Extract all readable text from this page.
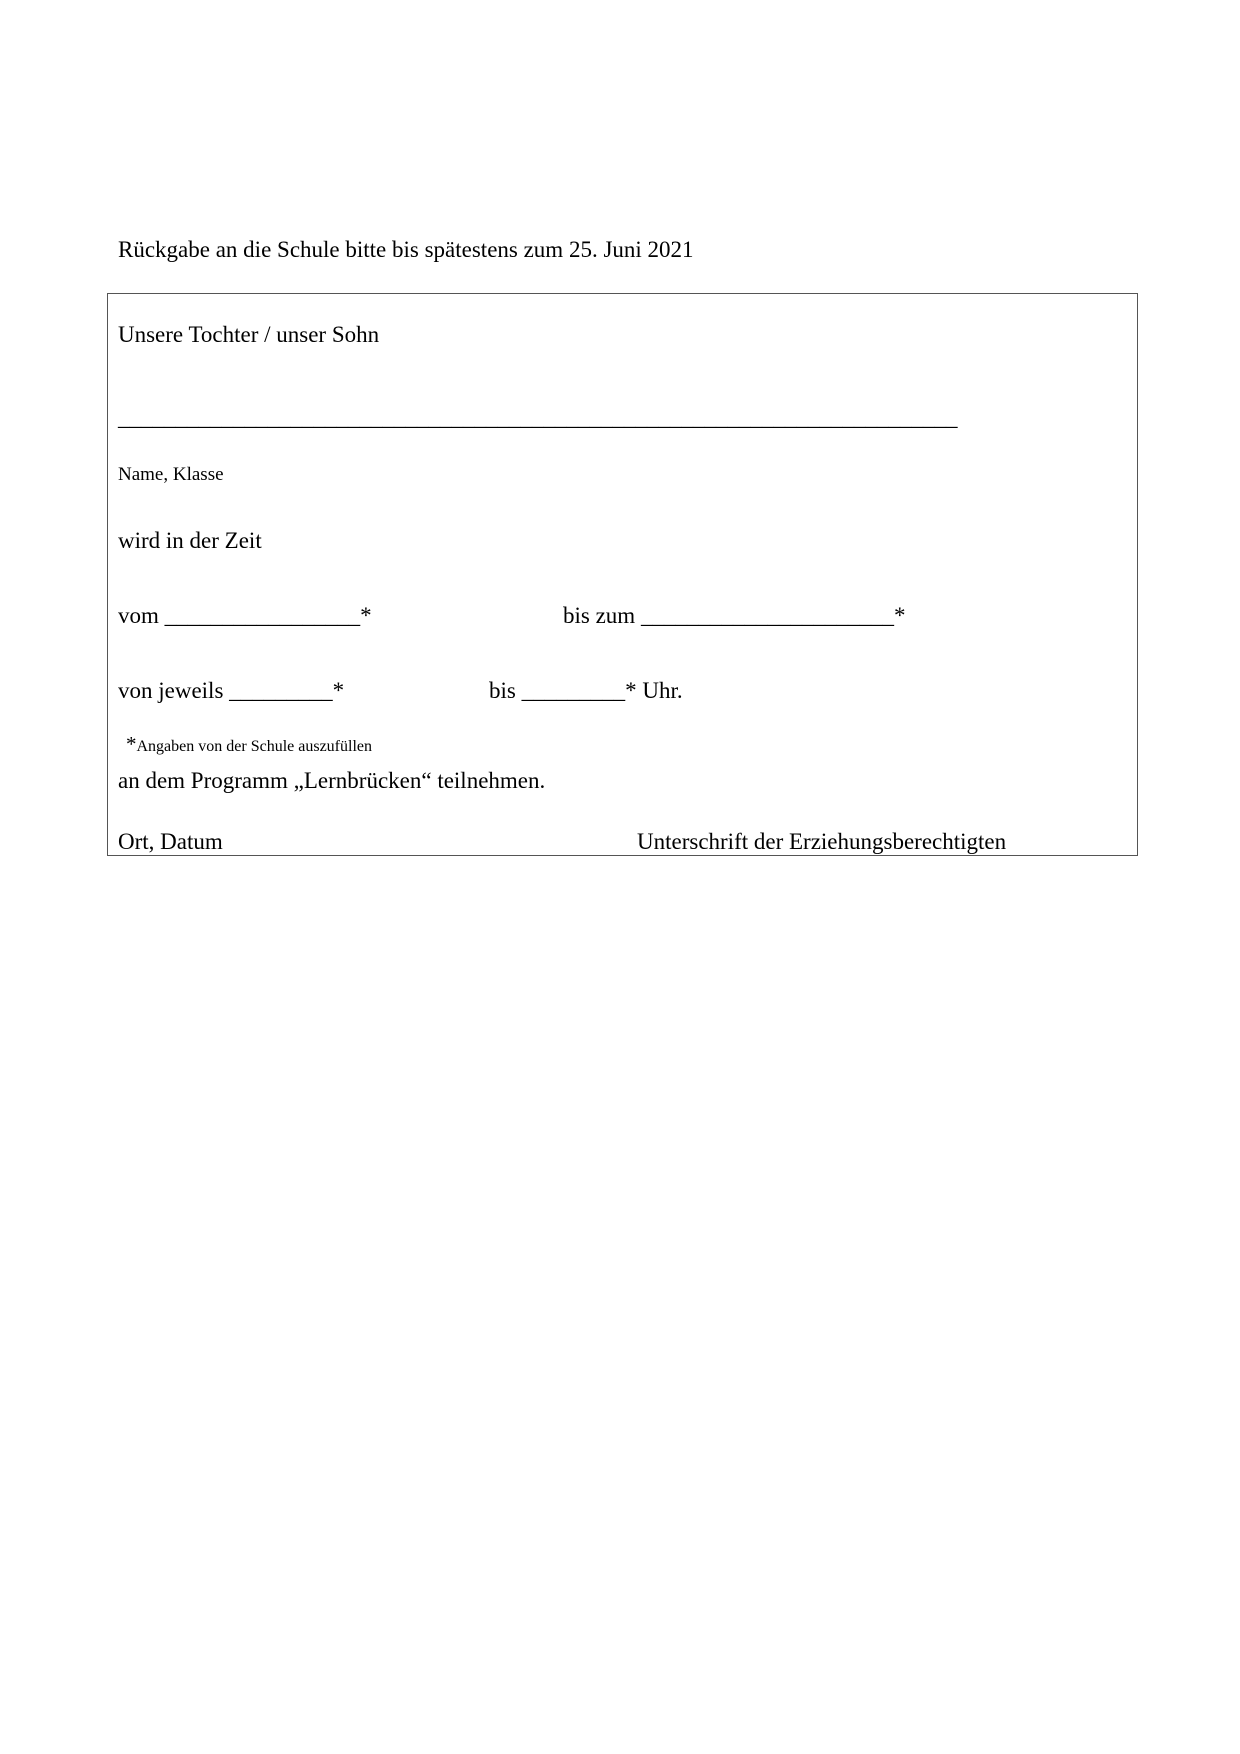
Rückgabe an die Schule bitte bis spätestens zum 25. Juni 2021
Unsere Tochter / unser Sohn
_________________________________________________________________________
Name, Klasse
wird in der Zeit
vom _________________*	bis zum ______________________*
von jeweils _________*	bis _________* Uhr.

*Angaben von der Schule auszufüllen

an dem Programm „Lernbrücken“ teilnehmen.
Ort, Datum	Unterschrift der Erziehungsberechtigten
